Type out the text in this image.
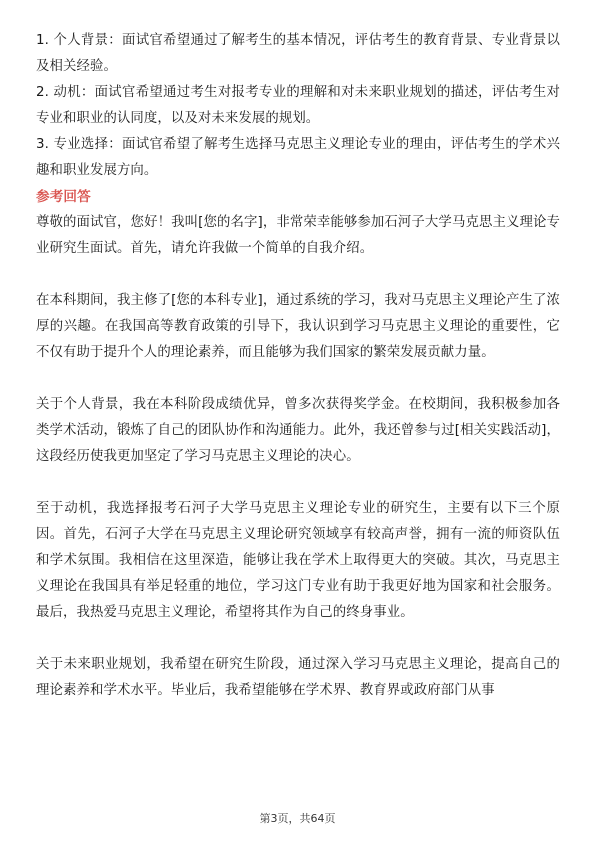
1. 个人背景：面试官希望通过了解考生的基本情况，评估考生的教育背景、专业背景以及相关经验。

2. 动机：面试官希望通过考生对报考专业的理解和对未来职业规划的描述，评估考生对专业和职业的认同度，以及对未来发展的规划。

3. 专业选择：面试官希望了解考生选择马克思主义理论专业的理由，评估考生的学术兴趣和职业发展方向。

参考回答

尊敬的面试官，您好！我叫[您的名字]，非常荣幸能够参加石河子大学马克思主义理论专业研究生面试。首先，请允许我做一个简单的自我介绍。

在本科期间，我主修了[您的本科专业]，通过系统的学习，我对马克思主义理论产生了浓厚的兴趣。在我国高等教育政策的引导下，我认识到学习马克思主义理论的重要性，它不仅有助于提升个人的理论素养，而且能够为我们国家的繁荣发展贡献力量。

关于个人背景，我在本科阶段成绩优异，曾多次获得奖学金。在校期间，我积极参加各类学术活动，锻炼了自己的团队协作和沟通能力。此外，我还曾参与过[相关实践活动]，这段经历使我更加坚定了学习马克思主义理论的决心。

至于动机，我选择报考石河子大学马克思主义理论专业的研究生，主要有以下三个原因。首先，石河子大学在马克思主义理论研究领域享有较高声誉，拥有一流的师资队伍和学术氛围。我相信在这里深造，能够让我在学术上取得更大的突破。其次，马克思主义理论在我国具有举足轻重的地位，学习这门专业有助于我更好地为国家和社会服务。最后，我热爱马克思主义理论，希望将其作为自己的终身事业。

关于未来职业规划，我希望在研究生阶段，通过深入学习马克思主义理论，提高自己的理论素养和学术水平。毕业后，我希望能够在学术界、教育界或政府部门从事

第3页，共64页
